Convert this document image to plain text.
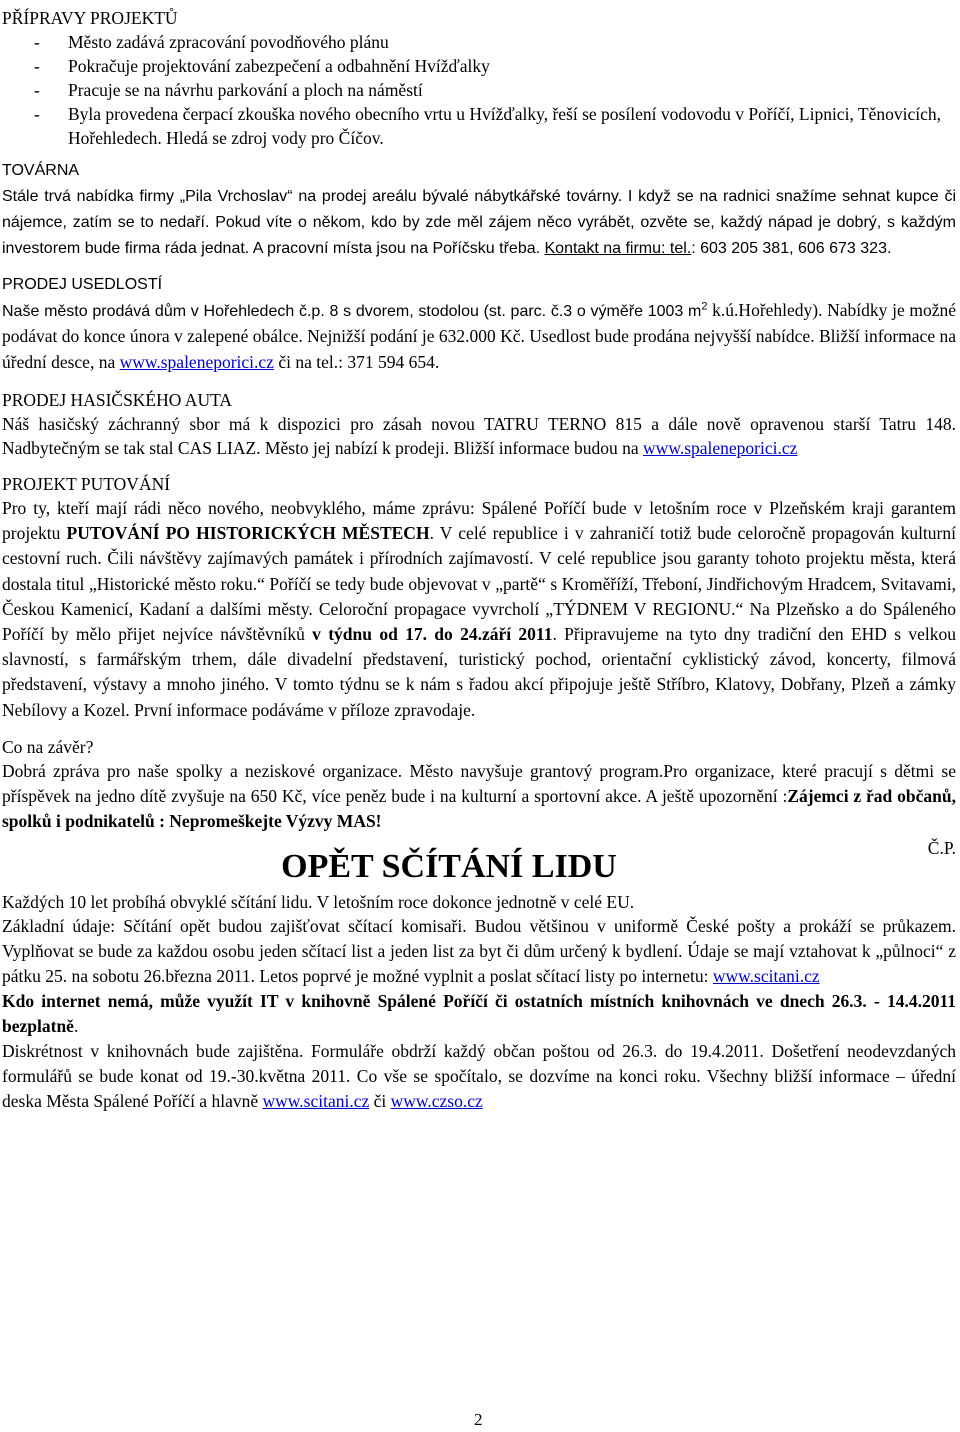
PŘÍPRAVY PROJEKTŮ
- Město zadává zpracování povodňového plánu
- Pokračuje projektování zabezpečení a odbahnění Hvížďalky
- Pracuje se na návrhu parkování a ploch na náměstí
- Byla provedena čerpací zkouška nového obecního vrtu u Hvížďalky, řeší se posílení vodovodu v Poříčí, Lipnici, Těnovicích, Hořehledech. Hledá se zdroj vody pro Číčov.
TOVÁRNA

Stále trvá nabídka firmy „Pila Vrchoslav“ na prodej areálu bývalé nábytkářské továrny. I když se na radnici snažíme sehnat kupce či nájemce, zatím se to nedaří. Pokud víte o někom, kdo by zde měl zájem něco vyrábět, ozvěte se, každý nápad je dobrý, s každým investorem bude firma ráda jednat. A pracovní místa jsou na Poříčsku třeba. Kontakt na firmu: tel.: 603 205 381, 606 673 323.

PRODEJ USEDLOSTÍ

Naše město prodává dům v Hořehledech č.p. 8 s dvorem, stodolou (st. parc. č.3 o výměře 1003 $m^2$ k.ú.Hořehledy). Nabídky je možné podávat do konce února v zalepené obálce. Nejnižší podání je 632.000 Kč. Usedlost bude prodána nejvyšší nabídce. Bližší informace na úřední desce, na www.spaleneporici.cz či na tel.: 371 594 654.

PRODEJ HASIČSKÉHO AUTA

Náš hasičský záchranný sbor má k dispozici pro zásah novou TATRU TERNO 815 a dále nově opravenou starší Tatru 148. Nadbytečným se tak stal CAS LIAZ. Město jej nabízí k prodeji. Bližší informace budou na www.spaleneporici.cz

PROJEKT PUTOVÁNÍ

Pro ty, kteří mají rádi něco nového, neobvyklého, máme zprávu: Spálené Poříčí bude v letošním roce v Plzeňském kraji garantem projektu PUTOVÁNÍ PO HISTORICKÝCH MĚSTECH. V celé republice i v zahraničí totiž bude celoročně propagován kulturní cestovní ruch. Čili návštěvy zajímavých památek i přírodních zajímavostí. V celé republice jsou garanty tohoto projektu města, která dostala titul „Historické město roku.“ Poříčí se tedy bude objevovat v „partě“ s Kroměříží, Třeboní, Jindřichovým Hradcem, Svitavami, Českou Kamenicí, Kadaní a dalšími městy. Celoroční propagace vyvrcholí „TÝDNEM V REGIONU.“ Na Plzeňsko a do Spáleného Poříčí by mělo přijet nejvíce návštěvníků v týdnu od 17. do 24.září 2011. Připravujeme na tyto dny tradiční den EHD s velkou slavností, s farmářským trhem, dále divadelní představení, turistický pochod, orientační cyklistický závod, koncerty, filmová představení, výstavy a mnoho jiného. V tomto týdnu se k nám s řadou akcí připojuje ještě Stříbro, Klatovy, Dobřany, Plzeň a zámky Nebílovy a Kozel. První informace podáváme v příloze zpravodaje.

Co na závěr?

Dobrá zpráva pro naše spolky a neziskové organizace. Město navyšuje grantový program.Pro organizace, které pracují s dětmi se příspěvek na jedno dítě zvyšuje na 650 Kč, více peněz bude i na kulturní a sportovní akce. A ještě upozornění :Zájemci z řad občanů, spolků i podnikatelů : Nepromeškejte Výzvy MAS!

Č.P.
OPĚT SČÍTÁNÍ LIDU

Každých 10 let probíhá obvyklé sčítání lidu. V letošním roce dokonce jednotně v celé EU.

Základní údaje: Sčítání opět budou zajišťovat sčítací komisaři. Budou většinou v uniformě České pošty a prokáží se průkazem. Vyplňovat se bude za každou osobu jeden sčítací list a jeden list za byt či dům určený k bydlení. Údaje se mají vztahovat k „půlnoci“ z pátku 25. na sobotu 26.března 2011. Letos poprvé je možné vyplnit a poslat sčítací listy po internetu: www.scitani.cz

Kdo internet nemá, může využít IT v knihovně Spálené Poříčí či ostatních místních knihovnách ve dnech 26.3. - 14.4.2011 bezplatně.

Diskrétnost v knihovnách bude zajištěna. Formuláře obdrží každý občan poštou od 26.3. do 19.4.2011. Došetření neodevzdaných formulářů se bude konat od 19.-30.května 2011. Co vše se spočítalo, se dozvíme na konci roku. Všechny bližší informace – úřední deska Města Spálené Poříčí a hlavně www.scitani.cz či www.czso.cz

2
